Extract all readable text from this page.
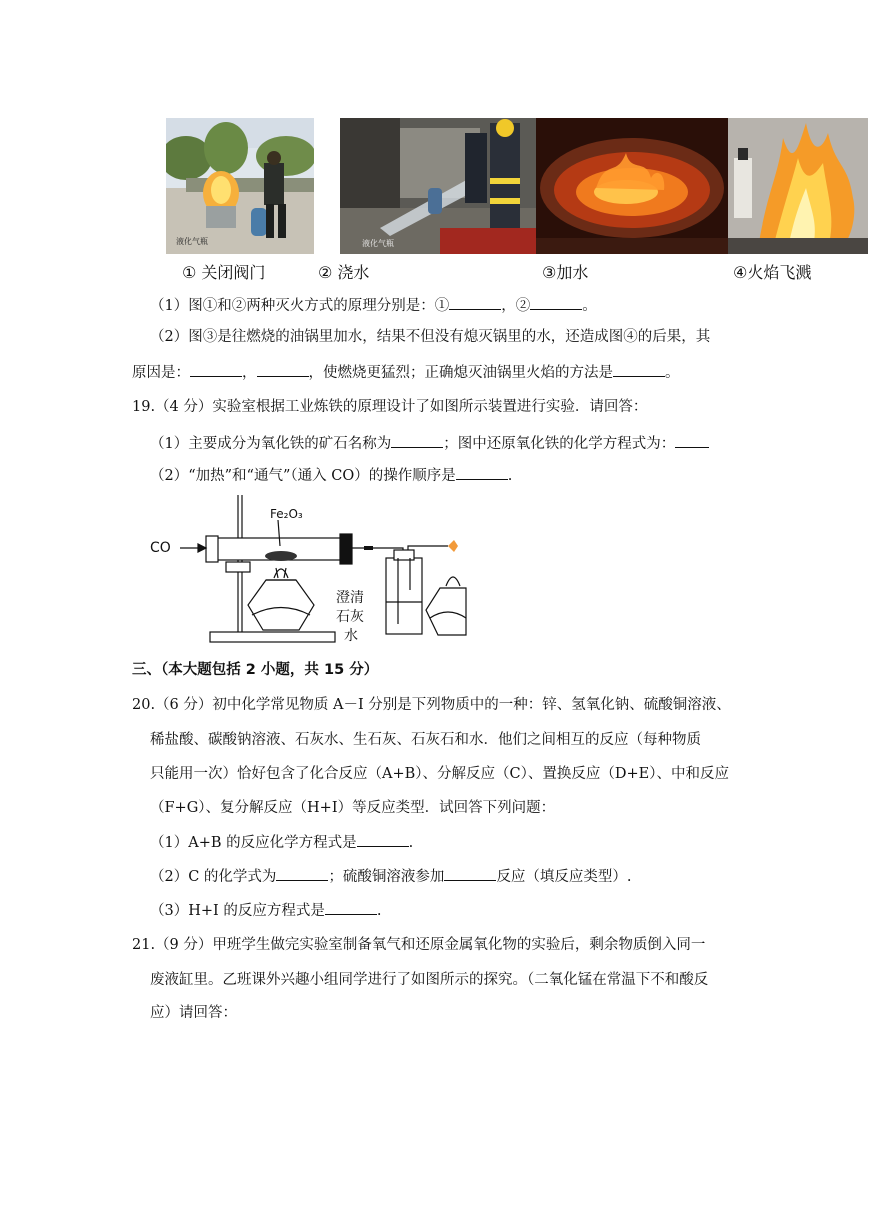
液化气瓶	液化气瓶
① 关闭阀门	② 浇水	③加水	④火焰飞溅
（1）图①和②两种灭火方式的原理分别是：①	，②	。
（2）图③是往燃烧的油锅里加水，结果不但没有熄灭锅里的水，还造成图④的后果，其
原因是：	，	，使燃烧更猛烈；正确熄灭油锅里火焰的方法是	。
19.（4 分）实验室根据工业炼铁的原理设计了如图所示装置进行实验．请回答：
（1）主要成分为氧化铁的矿石名称为	；图中还原氧化铁的化学方程式为：
（2）“加热”和“通气”（通入 CO）的操作顺序是	.
CO
Fe₂O₃
澄清
石灰
水
三、（本大题包括 2 小题，共 15 分）
20.（6 分）初中化学常见物质 A－I 分别是下列物质中的一种：锌、氢氧化钠、硫酸铜溶液、
稀盐酸、碳酸钠溶液、石灰水、生石灰、石灰石和水．他们之间相互的反应（每种物质
只能用一次）恰好包含了化合反应（A+B）、分解反应（C）、置换反应（D+E）、中和反应
（F+G）、复分解反应（H+I）等反应类型．试回答下列问题：
（1）A+B 的反应化学方程式是	.
（2）C 的化学式为	；硫酸铜溶液参加	反应（填反应类型）.
（3）H+I 的反应方程式是	.
21.（9 分）甲班学生做完实验室制备氧气和还原金属氧化物的实验后，剩余物质倒入同一
废液缸里。乙班课外兴趣小组同学进行了如图所示的探究。（二氧化锰在常温下不和酸反
应）请回答：
